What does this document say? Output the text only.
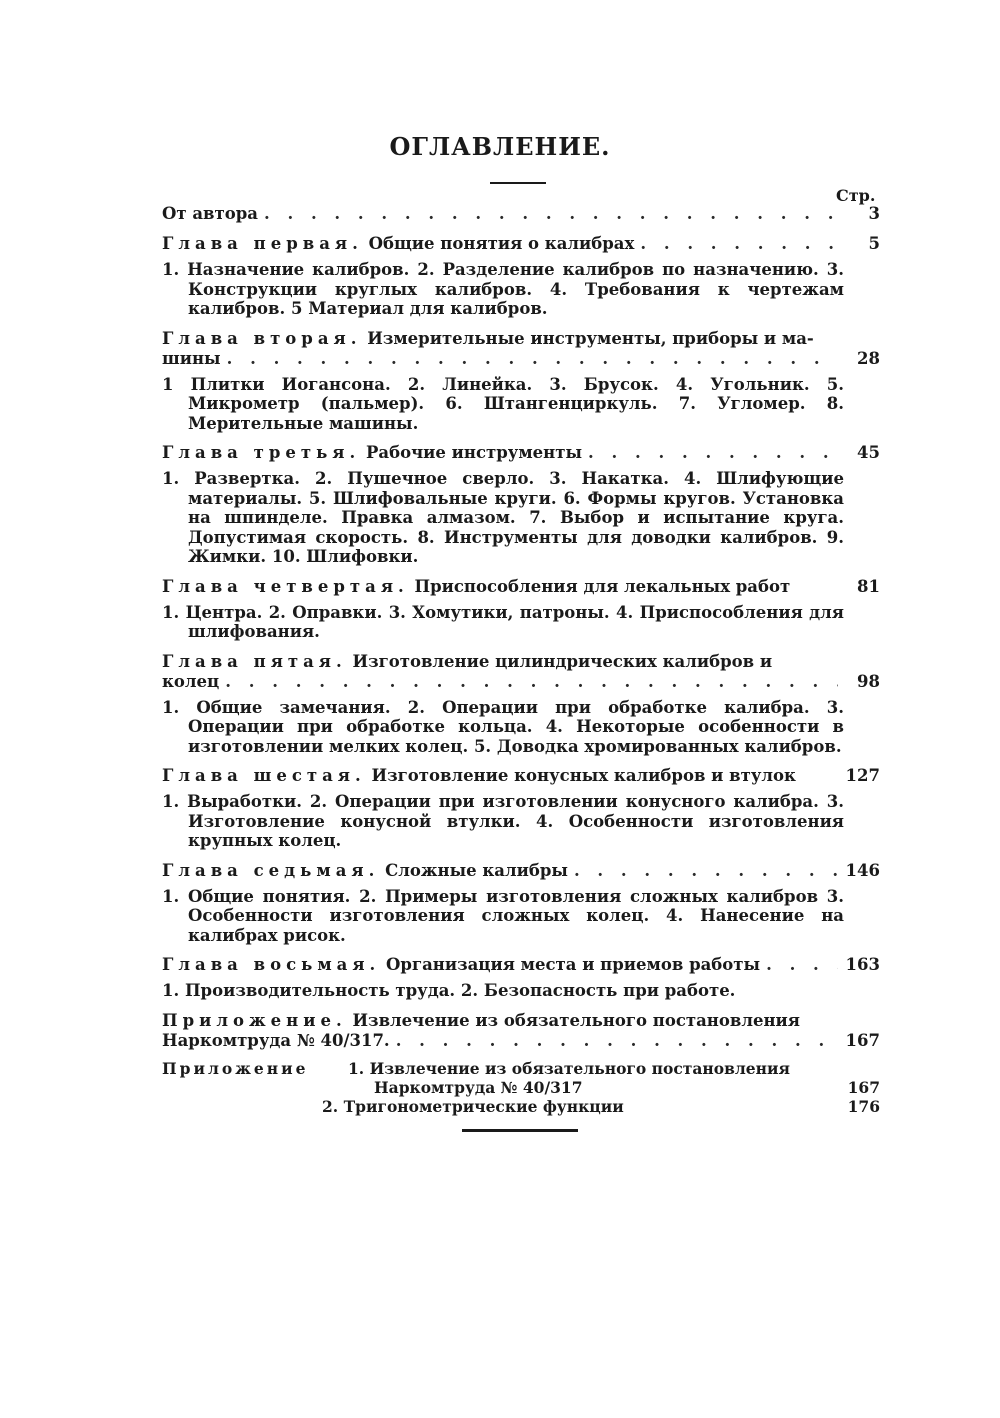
ОГЛАВЛЕНИЕ.
Стр.
От автора . . .	3
Глава первая. Общие понятия о калибрах . . .	5
1. Назначение калибров. 2. Разделение калибров по назначению. 3. Конструкции круглых калибров. 4. Требования к чертежам калибров. 5 Материал для калибров.
Глава вторая. Измерительные инструменты, приборы и ма-
шины . . .	28
1 Плитки Иогансона. 2. Линейка. 3. Брусок. 4. Угольник. 5. Микрометр (пальмер). 6. Штангенциркуль. 7. Угломер. 8. Мерительные машины.
Глава третья. Рабочие инструменты . . .	45
1. Развертка. 2. Пушечное сверло. 3. Накатка. 4. Шлифующие материалы. 5. Шлифовальные круги. 6. Формы кругов. Установка на шпинделе. Правка алмазом. 7. Выбор и испытание круга. Допустимая скорость. 8. Инструменты для доводки калибров. 9. Жимки. 10. Шлифовки.
Глава четвертая. Приспособления для лекальных работ	81
1. Центра. 2. Оправки. 3. Хомутики, патроны. 4. Приспособления для шлифования.
Глава пятая. Изготовление цилиндрических калибров и
колец . . .	98
1. Общие замечания. 2. Операции при обработке калибра. 3. Операции при обработке кольца. 4. Некоторые особенности в изготовлении мелких колец. 5. Доводка хромированных калибров.
Глава шестая. Изготовление конусных калибров и втулок	127
1. Выработки. 2. Операции при изготовлении конусного калибра. 3. Изготовление конусной втулки. 4. Особенности изготовления крупных колец.
Глава седьмая. Сложные калибры . . .	146
1. Общие понятия. 2. Примеры изготовления сложных калибров 3. Особенности изготовления сложных колец. 4. Нанесение на калибрах рисок.
Глава восьмая. Организация места и приемов работы . . .	163
1. Производительность труда. 2. Безопасность при работе.
Приложение. Извлечение из обязательного постановления
Наркомтруда № 40/317. . . .	167
Приложение	1. Извлечение из обязательного постановления
Наркомтруда № 40/317	167
2. Тригонометрические функции	176
